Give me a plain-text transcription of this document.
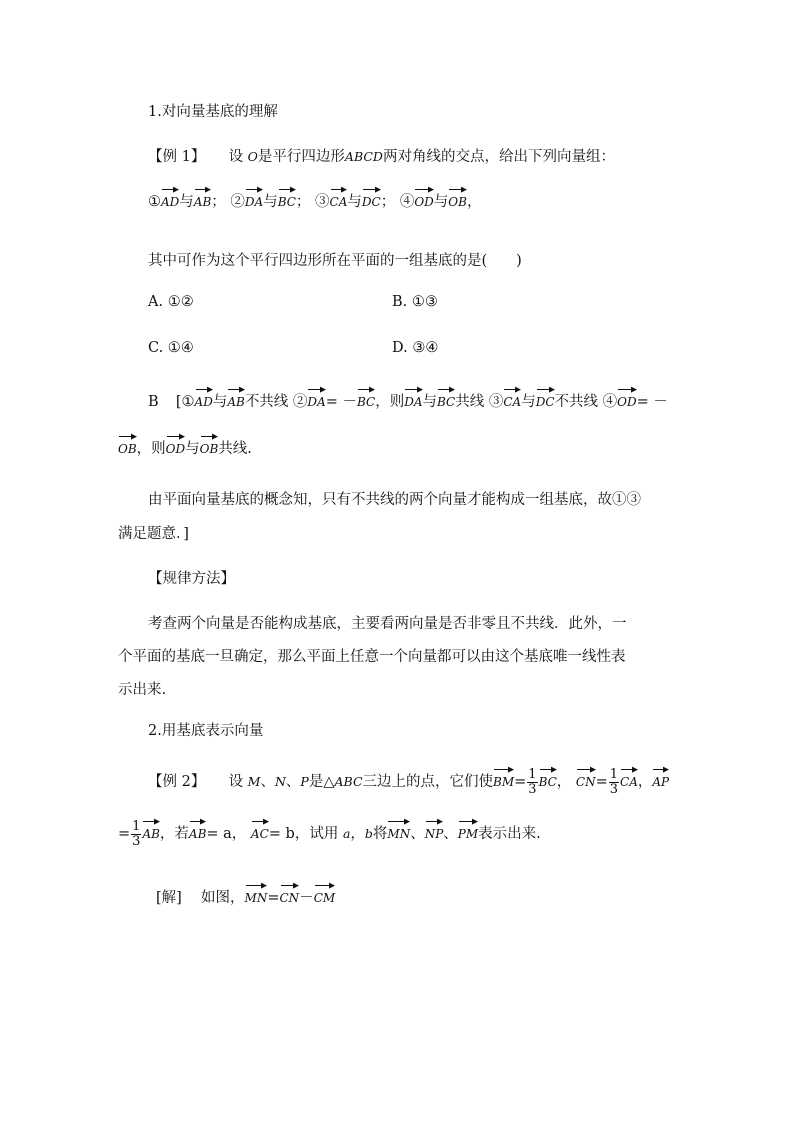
1.对向量基底的理解
【例 1】 设 O是平行四边形ABCD两对角线的交点，给出下列向量组：
①AD与AB； ②DA与BC； ③CA与DC； ④OD与OB，
其中可作为这个平行四边形所在平面的一组基底的是(　　)
A. ①②	B. ①③
C. ①④	D. ③④
B [①AD与AB不共线 ②DA= －BC，则DA与BC共线 ③CA与DC不共线 ④OD= －
OB，则OD与OB共线.
由平面向量基底的概念知，只有不共线的两个向量才能构成一组基底，故①③
满足题意．]
【规律方法】
考查两个向量是否能构成基底，主要看两向量是否非零且不共线．此外，一
个平面的基底一旦确定，那么平面上任意一个向量都可以由这个基底唯一线性表
示出来.
2.用基底表示向量
【例 2】 设 M、N、P是△ABC三边上的点，它们使$BM= \frac{1}{3}$ BC， $CN= \frac{1}{3}$ CA，AP
= $\frac{1}{3}$ AB，若AB= a， AC= b，试用 a，b将MN、NP、PM表示出来.
[解] 如图，MN=CN－CM
